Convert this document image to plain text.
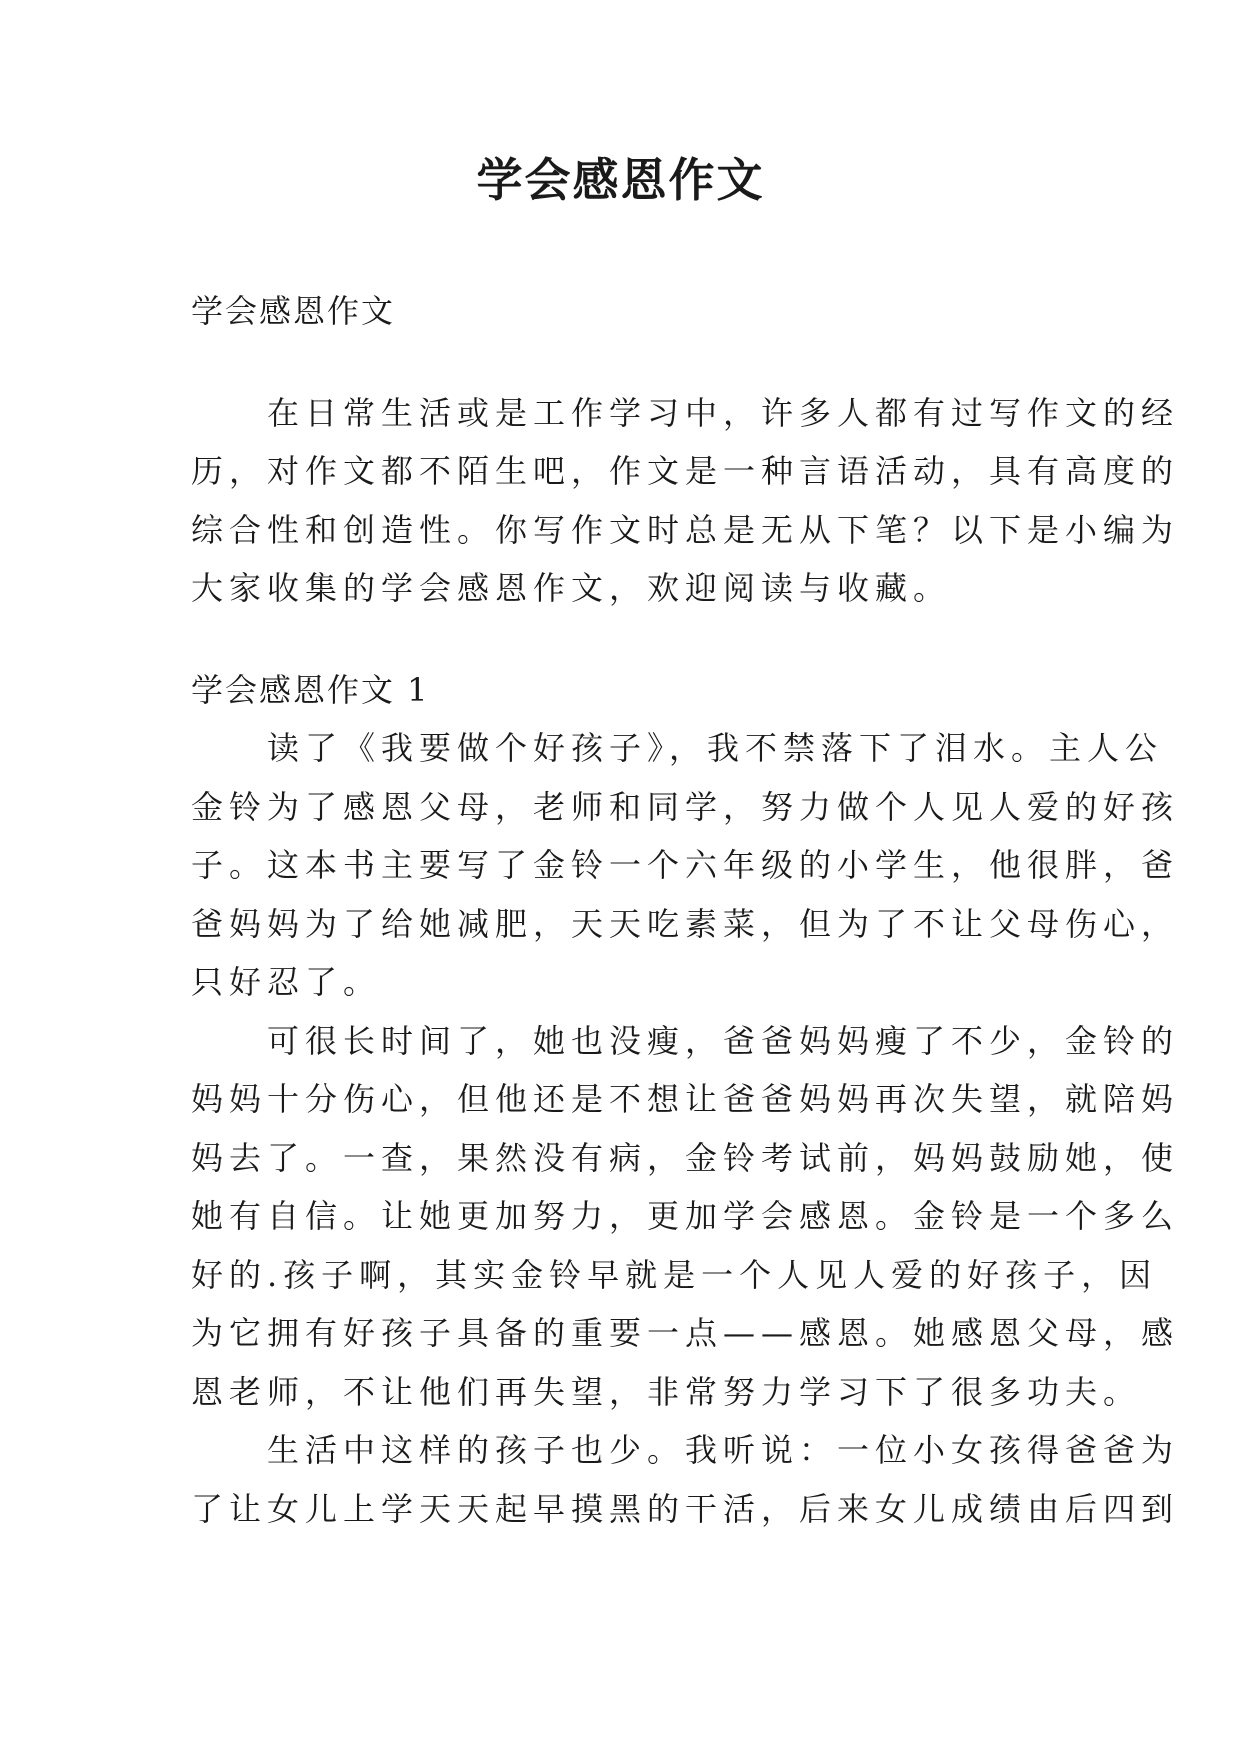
学会感恩作文
学会感恩作文
　　在日常生活或是工作学习中，许多人都有过写作文的经
历，对作文都不陌生吧，作文是一种言语活动，具有高度的
综合性和创造性。你写作文时总是无从下笔？以下是小编为
大家收集的学会感恩作文，欢迎阅读与收藏。
学会感恩作文 1
　　读了《我要做个好孩子》，我不禁落下了泪水。主人公
金铃为了感恩父母，老师和同学，努力做个人见人爱的好孩
子。这本书主要写了金铃一个六年级的小学生，他很胖，爸
爸妈妈为了给她减肥，天天吃素菜，但为了不让父母伤心，
只好忍了。
　　可很长时间了，她也没瘦，爸爸妈妈瘦了不少，金铃的
妈妈十分伤心，但他还是不想让爸爸妈妈再次失望，就陪妈
妈去了。一查，果然没有病，金铃考试前，妈妈鼓励她，使
她有自信。让她更加努力，更加学会感恩。金铃是一个多么
好的.孩子啊，其实金铃早就是一个人见人爱的好孩子，因
为它拥有好孩子具备的重要一点——感恩。她感恩父母，感
恩老师，不让他们再失望，非常努力学习下了很多功夫。
　　生活中这样的孩子也少。我听说：一位小女孩得爸爸为
了让女儿上学天天起早摸黑的干活，后来女儿成绩由后四到
